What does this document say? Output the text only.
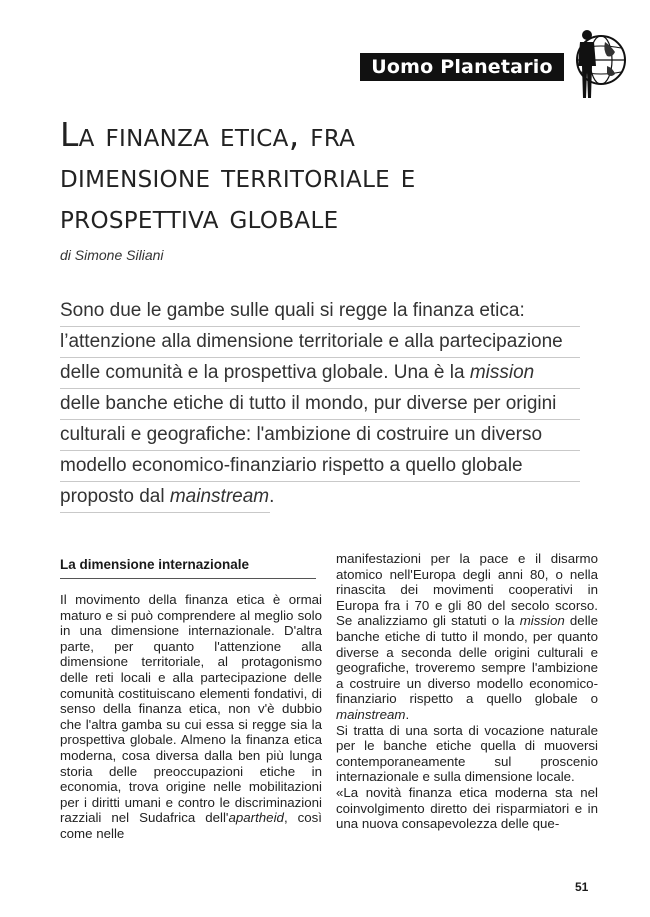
Uomo Planetario
La finanza etica, fra
dimensione territoriale e
prospettiva globale
di Simone Siliani
Sono due le gambe sulle quali si regge la finanza etica:
l’attenzione alla dimensione territoriale e alla partecipazione
delle comunità e la prospettiva globale. Una è la mission
delle banche etiche di tutto il mondo, pur diverse per origini
culturali e geografiche: l'ambizione di costruire un diverso
modello economico-finanziario rispetto a quello globale
proposto dal mainstream.
La dimensione internazionale

Il movimento della finanza etica è ormai maturo e si può comprendere al meglio solo in una dimensione internazionale. D'altra parte, per quanto l'attenzione alla dimensione territoriale, al protagonismo delle reti locali e alla partecipazione delle comunità costituiscano elementi fondativi, di senso della finanza etica, non v'è dubbio che l'altra gamba su cui essa si regge sia la prospettiva globale. Almeno la finanza etica moderna, cosa diversa dalla ben più lunga storia delle preoccupazioni etiche in economia, trova origine nelle mobilitazioni per i diritti umani e contro le discriminazioni razziali nel Sudafrica dell'apartheid, così come nelle

manifestazioni per la pace e il disarmo atomico nell'Europa degli anni 80, o nella rinascita dei movimenti cooperativi in Europa fra i 70 e gli 80 del secolo scorso. Se analizziamo gli statuti o la mission delle banche etiche di tutto il mondo, per quanto diverse a seconda delle origini culturali e geografiche, troveremo sempre l'ambizione a costruire un diverso modello economico-finanziario rispetto a quello globale o mainstream.

Si tratta di una sorta di vocazione naturale per le banche etiche quella di muoversi contemporaneamente sul proscenio internazionale e sulla dimensione locale.

«La novità finanza etica moderna sta nel coinvolgimento diretto dei risparmiatori e in una nuova consapevolezza delle que-

51
